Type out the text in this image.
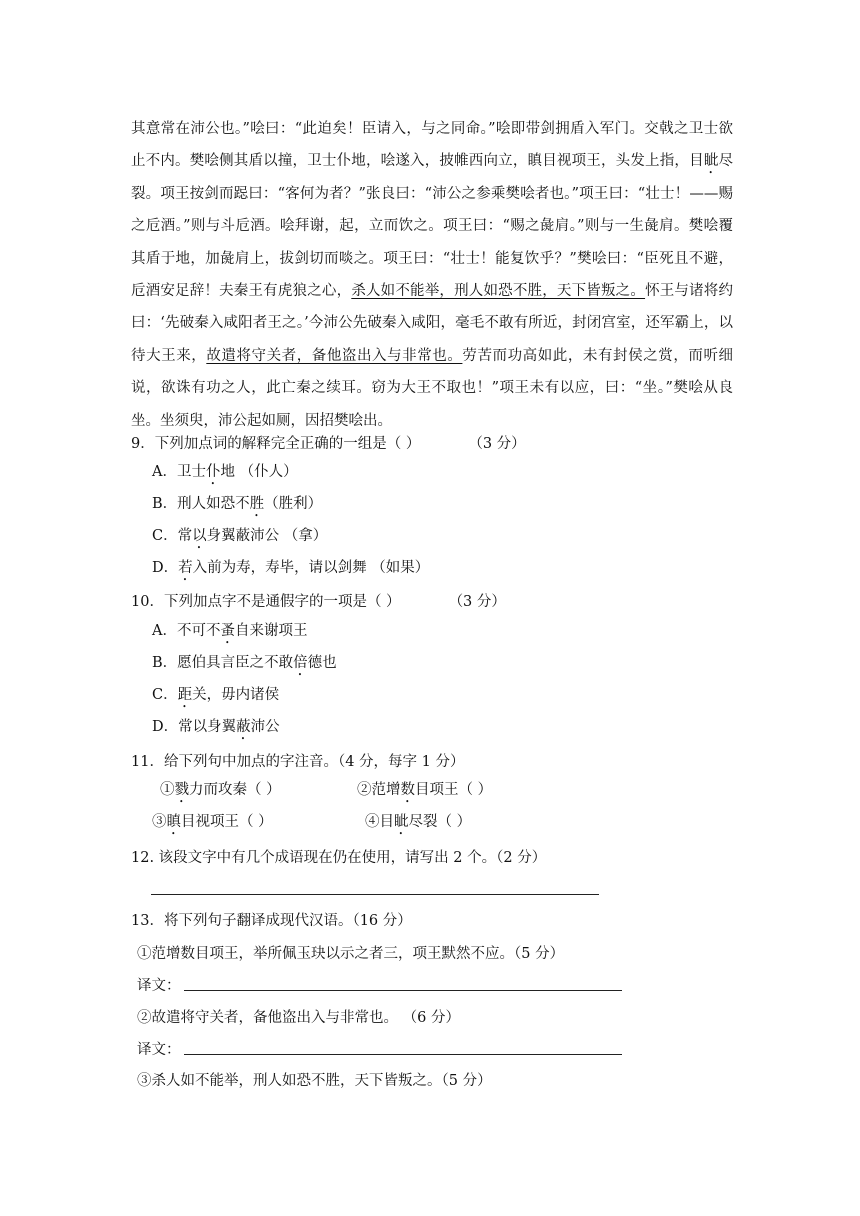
其意常在沛公也。”哙曰：“此迫矣！臣请入，与之同命。”哙即带剑拥盾入军门。交戟之卫士欲止不内。樊哙侧其盾以撞，卫士仆地，哙遂入，披帷西向立，瞋目视项王，头发上指，目眦尽裂。项王按剑而跽曰：“客何为者？”张良曰：“沛公之参乘樊哙者也。”项王曰：“壮士！——赐之卮酒。”则与斗卮酒。哙拜谢，起，立而饮之。项王曰：“赐之彘肩。”则与一生彘肩。樊哙覆其盾于地，加彘肩上，拔剑切而啖之。项王曰：“壮士！能复饮乎？”樊哙曰：“臣死且不避，卮酒安足辞！夫秦王有虎狼之心，杀人如不能举，刑人如恐不胜，天下皆叛之。怀王与诸将约曰：‘先破秦入咸阳者王之。’今沛公先破秦入咸阳，毫毛不敢有所近，封闭宫室，还军霸上，以待大王来，故遣将守关者，备他盗出入与非常也。劳苦而功高如此，未有封侯之赏，而听细说，欲诛有功之人，此亡秦之续耳。窃为大王不取也！”项王未有以应，曰：“坐。”樊哙从良坐。坐须臾，沛公起如厕，因招樊哙出。

9．下列加点词的解释完全正确的一组是（ ）	（3 分）
A．卫士仆地 （仆人）
B．刑人如恐不胜（胜利）
C．常以身翼蔽沛公 （拿）
D．若入前为寿，寿毕，请以剑舞 （如果）
10．下列加点字不是通假字的一项是（ ）	（3 分）
A．不可不蚤自来谢项王
B．愿伯具言臣之不敢倍德也
C．距关，毋内诸侯
D．常以身翼蔽沛公
11．给下列句中加点的字注音。（4 分，每字 1 分）
①戮力而攻秦（ ）	②范增数目项王（ ）
③瞋目视项王（ ）	④目眦尽裂（ ）
12. 该段文字中有几个成语现在仍在使用，请写出 2 个。（2 分）
13．将下列句子翻译成现代汉语。（16 分）
①范增数目项王，举所佩玉玦以示之者三，项王默然不应。（5 分）
译文：
②故遣将守关者，备他盗出入与非常也。 （6 分）
译文：
③杀人如不能举，刑人如恐不胜，天下皆叛之。（5 分）
